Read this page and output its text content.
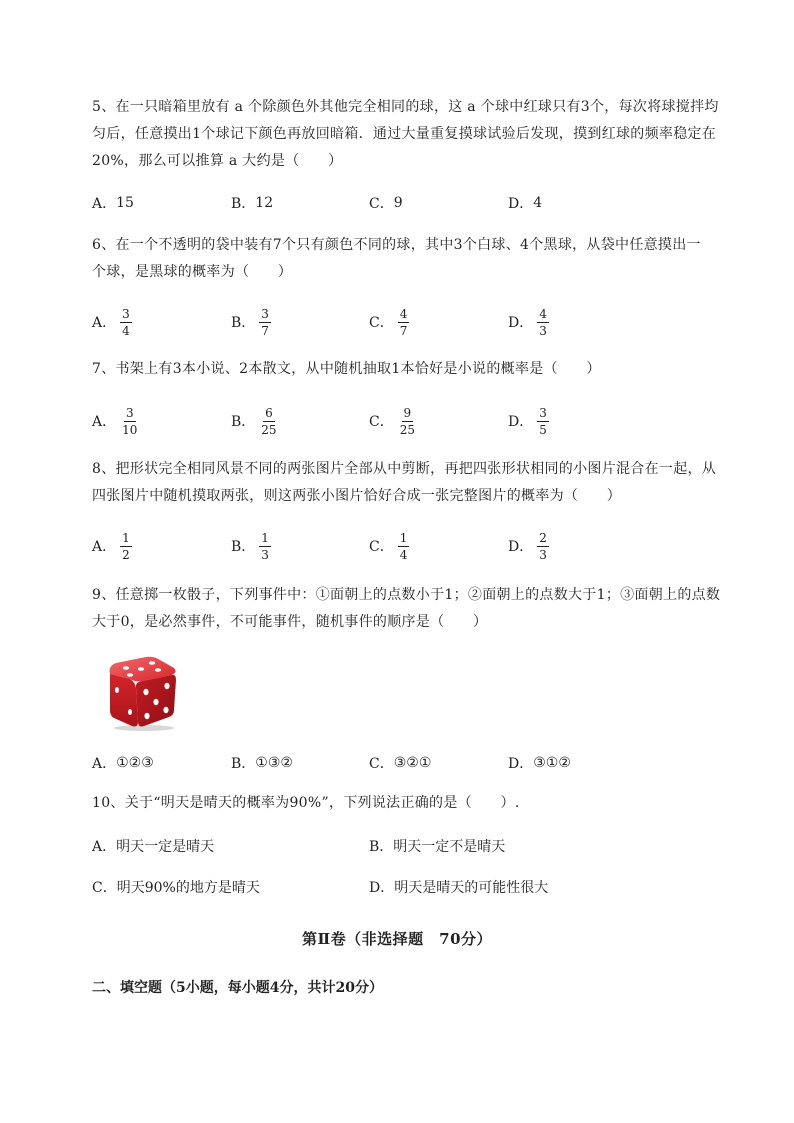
5、在一只暗箱里放有 a 个除颜色外其他完全相同的球，这 a 个球中红球只有3个，每次将球搅拌均
匀后，任意摸出1个球记下颜色再放回暗箱．通过大量重复摸球试验后发现，摸到红球的频率稳定在
20%，那么可以推算 a 大约是（　　）
A． 15	B． 12	C． 9	D． 4
6、在一个不透明的袋中装有7个只有颜色不同的球，其中3个白球、4个黑球，从袋中任意摸出一
个球，是黑球的概率为（　　）
A． $\frac{3}{4}$	B． $\frac{3}{7}$	C． $\frac{4}{7}$	D． $\frac{4}{3}$
7、书架上有3本小说、2本散文，从中随机抽取1本恰好是小说的概率是（　　）
A． $\frac{3}{10}$	B． $\frac{6}{25}$	C． $\frac{9}{25}$	D． $\frac{3}{5}$
8、把形状完全相同风景不同的两张图片全部从中剪断，再把四张形状相同的小图片混合在一起，从
四张图片中随机摸取两张，则这两张小图片恰好合成一张完整图片的概率为（　　）
A． $\frac{1}{2}$	B． $\frac{1}{3}$	C． $\frac{1}{4}$	D． $\frac{2}{3}$
9、任意掷一枚骰子，下列事件中：①面朝上的点数小于1；②面朝上的点数大于1；③面朝上的点数
大于0，是必然事件，不可能事件，随机事件的顺序是（　　）
A． ①②③	B． ①③②	C． ③②①	D． ③①②
10、关于“明天是晴天的概率为90%”，下列说法正确的是（　　）.
A． 明天一定是晴天	B． 明天一定不是晴天
C． 明天90%的地方是晴天	D． 明天是晴天的可能性很大
第Ⅱ卷（非选择题　70分）
二、填空题（5小题，每小题4分，共计20分）
